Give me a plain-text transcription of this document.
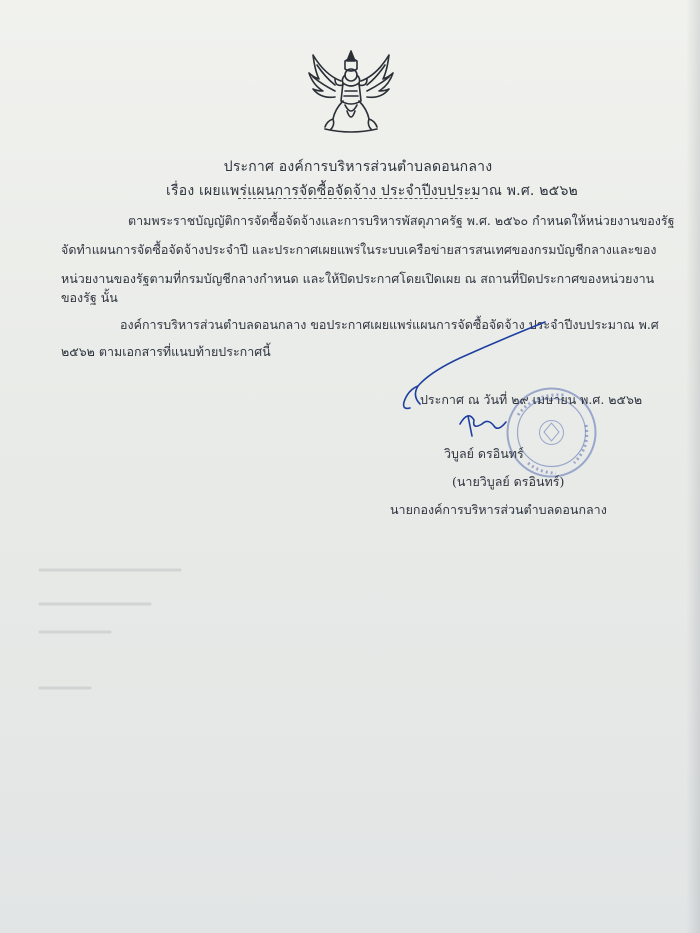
ประกาศ องค์การบริหารส่วนตำบลดอนกลาง
เรื่อง เผยแพร่แผนการจัดซื้อจัดจ้าง ประจำปีงบประมาณ พ.ศ. ๒๕๖๒
ตามพระราชบัญญัติการจัดซื้อจัดจ้างและการบริหารพัสดุภาครัฐ พ.ศ. ๒๕๖๐ กำหนดให้หน่วยงานของรัฐ
จัดทำแผนการจัดซื้อจัดจ้างประจำปี และประกาศเผยแพร่ในระบบเครือข่ายสารสนเทศของกรมบัญชีกลางและของ
หน่วยงานของรัฐตามที่กรมบัญชีกลางกำหนด และให้ปิดประกาศโดยเปิดเผย ณ สถานที่ปิดประกาศของหน่วยงาน
ของรัฐ นั้น
องค์การบริหารส่วนตำบลดอนกลาง ขอประกาศเผยแพร่แผนการจัดซื้อจัดจ้าง ประจำปีงบประมาณ พ.ศ
๒๕๖๒ ตามเอกสารที่แนบท้ายประกาศนี้
ประกาศ ณ วันที่ ๒๙ เมษายน พ.ศ. ๒๕๖๒
วิบูลย์ ดรอินทร์
(นายวิบูลย์ ดรอินทร์)
นายกองค์การบริหารส่วนตำบลดอนกลาง
